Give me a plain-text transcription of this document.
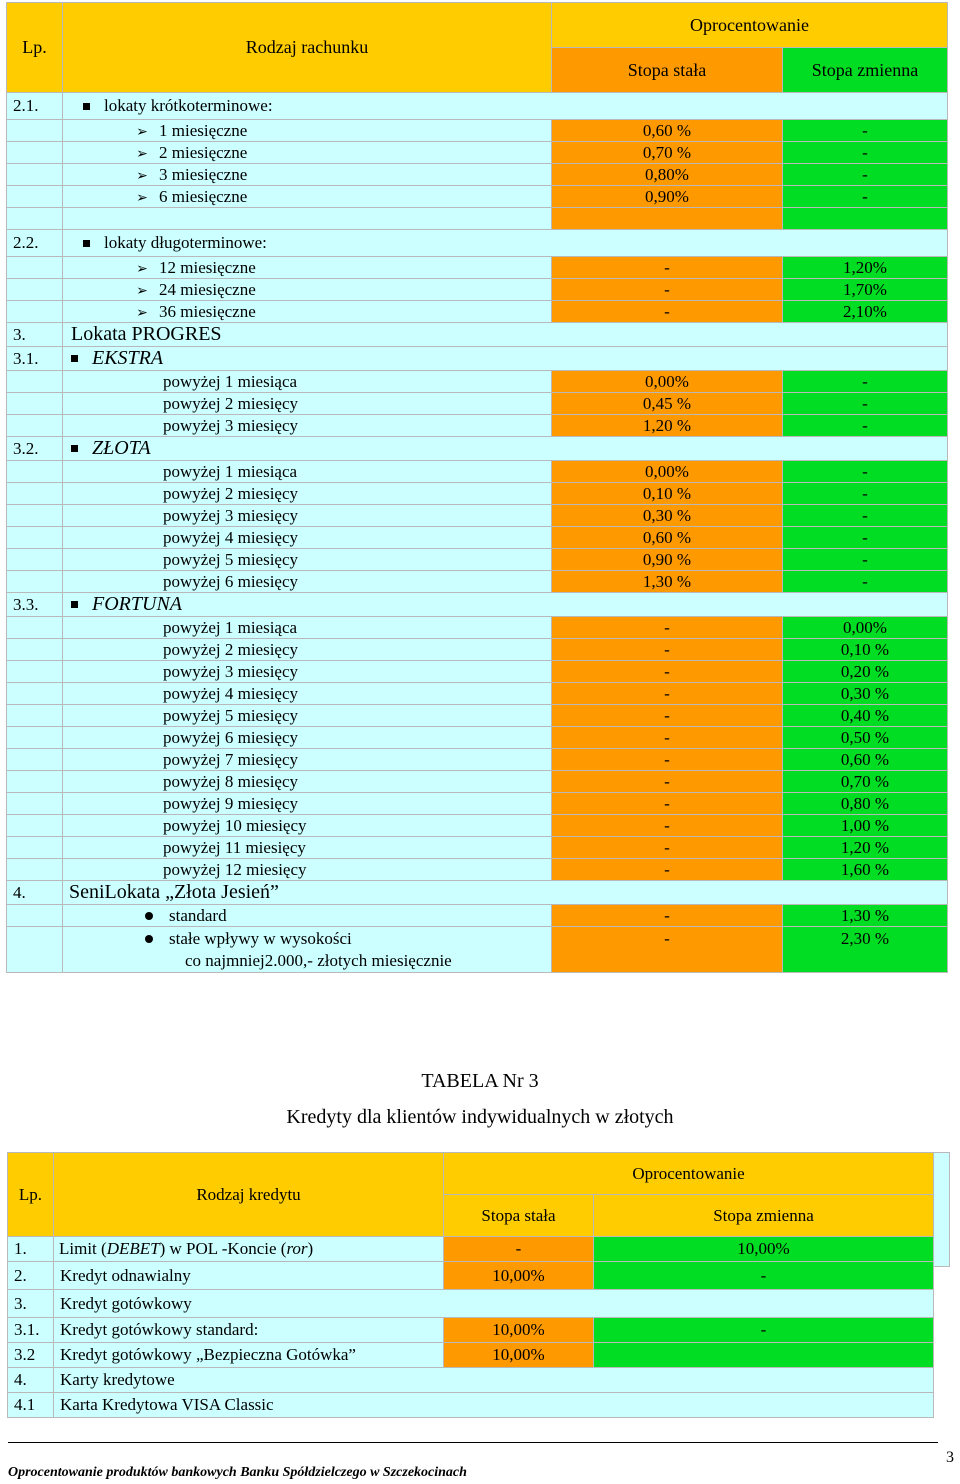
Lp.	Rodzaj rachunku	Oprocentowanie	
		Stopa stała	Stopa zmienna
2.1.	lokaty krótkoterminowe:		
	➢ 1 miesięczne	0,60 %	-
	➢ 2 miesięczne	0,70 %	-
	➢ 3 miesięczne	0,80%	-
	➢ 6 miesięczne	0,90%	-

2.2.	lokaty długoterminowe:		
	➢ 12 miesięczne	-	1,20%
	➢ 24 miesięczne	-	1,70%
	➢ 36 miesięczne	-	2,10%
3.	Lokata PROGRES		
3.1.	EKSTRA		
	powyżej 1 miesiąca	0,00%	-
	powyżej 2 miesięcy	0,45 %	-
	powyżej 3 miesięcy	1,20 %	-
3.2.	ZŁOTA		
	powyżej 1 miesiąca	0,00%	-
	powyżej 2 miesięcy	0,10 %	-
	powyżej 3 miesięcy	0,30 %	-
	powyżej 4 miesięcy	0,60 %	-
	powyżej 5 miesięcy	0,90 %	-
	powyżej 6 miesięcy	1,30 %	-
3.3.	FORTUNA		
	powyżej 1 miesiąca	-	0,00%
	powyżej 2 miesięcy	-	0,10 %
	powyżej 3 miesięcy	-	0,20 %
	powyżej 4 miesięcy	-	0,30 %
	powyżej 5 miesięcy	-	0,40 %
	powyżej 6 miesięcy	-	0,50 %
	powyżej 7 miesięcy	-	0,60 %
	powyżej 8 miesięcy	-	0,70 %
	powyżej 9 miesięcy	-	0,80 %
	powyżej 10 miesięcy	-	1,00 %
	powyżej 11 miesięcy	-	1,20 %
	powyżej 12 miesięcy	-	1,60 %
4.	SeniLokata „Złota Jesień”		
	standard	-	1,30 %

	stałe wpływy w wysokości
co najmniej2.000,- złotych miesięcznie	-	2,30 %
TABELA Nr 3
Kredyty dla klientów indywidualnych w złotych
Lp.	Rodzaj kredytu	Oprocentowanie	
		Stopa stała	Stopa zmienna
1.	Limit (DEBET) w POL -Koncie (ror)	-	10,00%
2.	Kredyt odnawialny	10,00%	-
3.	Kredyt gotówkowy		
3.1.	Kredyt gotówkowy standard:	10,00%	-
3.2	Kredyt gotówkowy „Bezpieczna Gotówka”	10,00%	
4.	Karty kredytowe		
4.1	Karta Kredytowa VISA Classic		
Oprocentowanie produktów bankowych Banku Spółdzielczego w Szczekocinach
3
